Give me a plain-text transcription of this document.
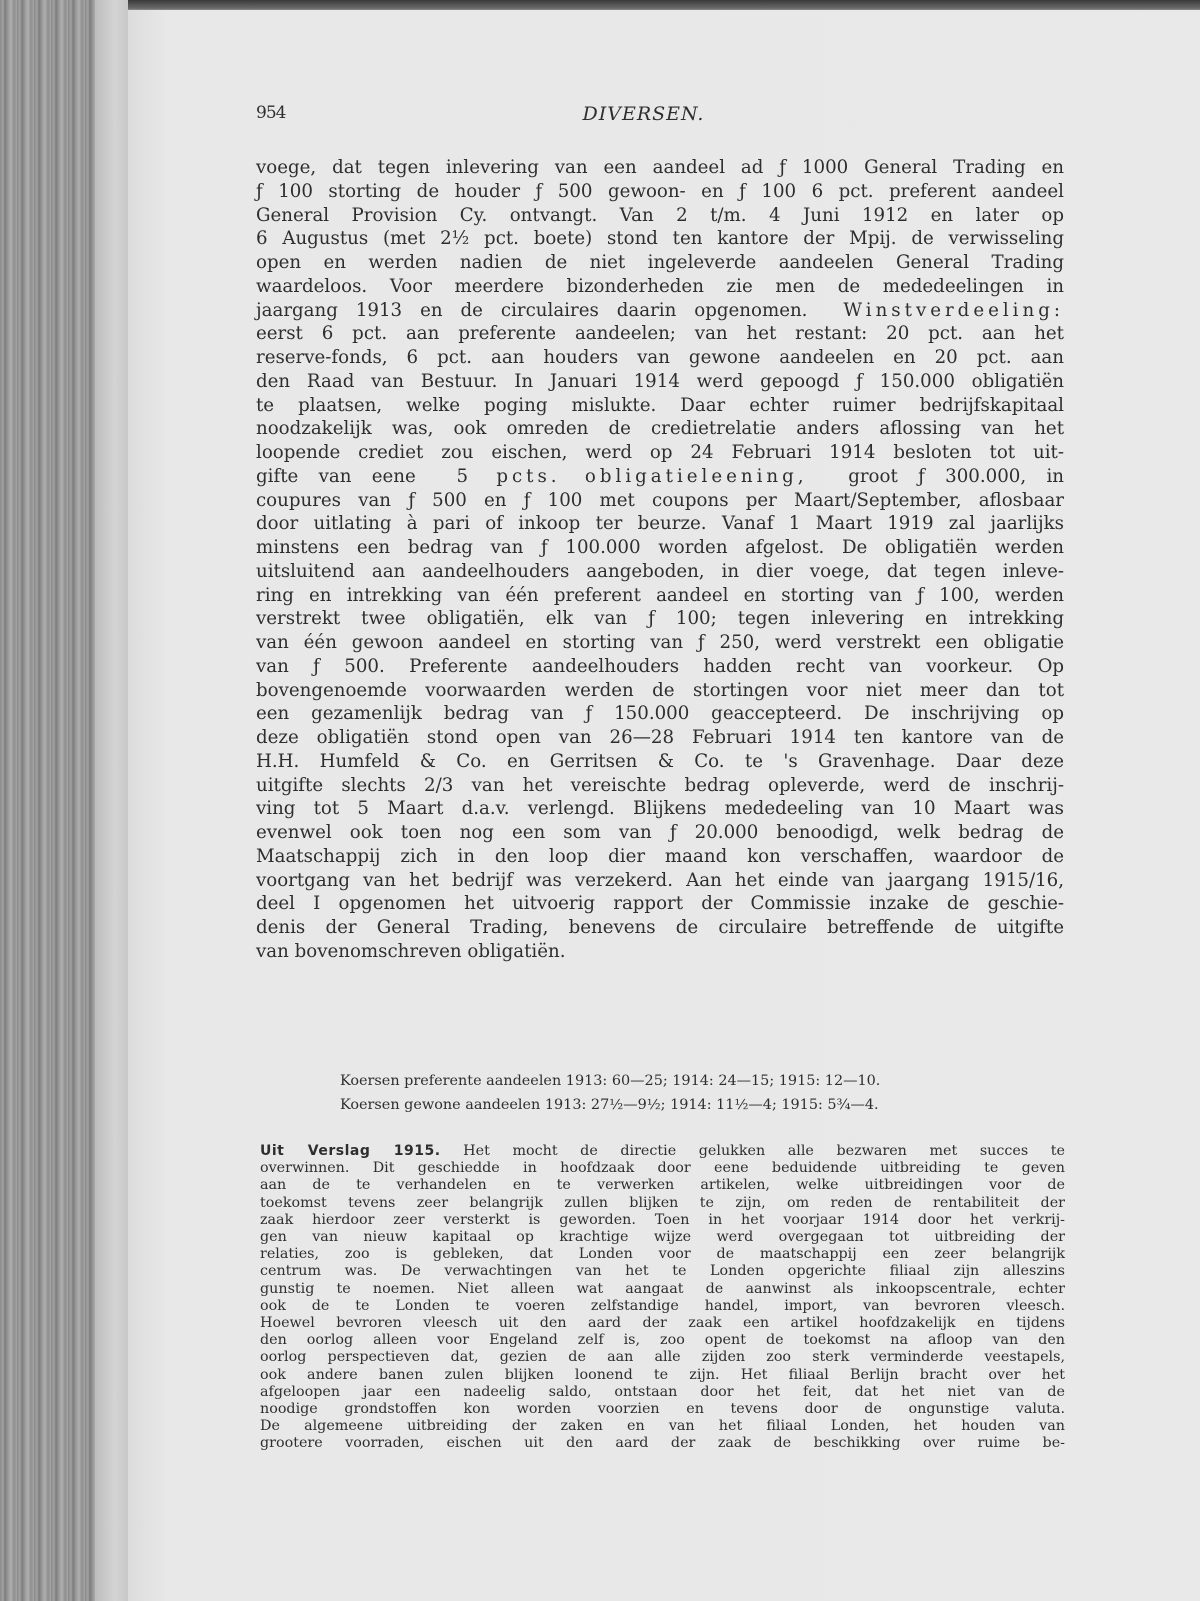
954	DIVERSEN.
voege, dat tegen inlevering van een aandeel ad ƒ 1000 General Trading en
ƒ 100 storting de houder ƒ 500 gewoon- en ƒ 100 6 pct. preferent aandeel
General Provision Cy. ontvangt. Van 2 t/m. 4 Juni 1912 en later op
6 Augustus (met 2½ pct. boete) stond ten kantore der Mpij. de verwisseling
open en werden nadien de niet ingeleverde aandeelen General Trading
waardeloos. Voor meerdere bizonderheden zie men de mededeelingen in
jaargang 1913 en de circulaires daarin opgenomen. Winstverdeeling:
eerst 6 pct. aan preferente aandeelen; van het restant: 20 pct. aan het
reserve-fonds, 6 pct. aan houders van gewone aandeelen en 20 pct. aan
den Raad van Bestuur. In Januari 1914 werd gepoogd ƒ 150.000 obligatiën
te plaatsen, welke poging mislukte. Daar echter ruimer bedrijfskapitaal
noodzakelijk was, ook omreden de credietrelatie anders aflossing van het
loopende crediet zou eischen, werd op 24 Februari 1914 besloten tot uit-
gifte van eene 5 pcts. obligatieleening, groot ƒ 300.000, in
coupures van ƒ 500 en ƒ 100 met coupons per Maart/September, aflosbaar
door uitlating à pari of inkoop ter beurze. Vanaf 1 Maart 1919 zal jaarlijks
minstens een bedrag van ƒ 100.000 worden afgelost. De obligatiën werden
uitsluitend aan aandeelhouders aangeboden, in dier voege, dat tegen inleve-
ring en intrekking van één preferent aandeel en storting van ƒ 100, werden
verstrekt twee obligatiën, elk van ƒ 100; tegen inlevering en intrekking
van één gewoon aandeel en storting van ƒ 250, werd verstrekt een obligatie
van ƒ 500. Preferente aandeelhouders hadden recht van voorkeur. Op
bovengenoemde voorwaarden werden de stortingen voor niet meer dan tot
een gezamenlijk bedrag van ƒ 150.000 geaccepteerd. De inschrijving op
deze obligatiën stond open van 26—28 Februari 1914 ten kantore van de
H.H. Humfeld & Co. en Gerritsen & Co. te 's Gravenhage. Daar deze
uitgifte slechts 2/3 van het vereischte bedrag opleverde, werd de inschrij-
ving tot 5 Maart d.a.v. verlengd. Blijkens mededeeling van 10 Maart was
evenwel ook toen nog een som van ƒ 20.000 benoodigd, welk bedrag de
Maatschappij zich in den loop dier maand kon verschaffen, waardoor de
voortgang van het bedrijf was verzekerd. Aan het einde van jaargang 1915/16,
deel I opgenomen het uitvoerig rapport der Commissie inzake de geschie-
denis der General Trading, benevens de circulaire betreffende de uitgifte
van bovenomschreven obligatiën.
Koersen preferente aandeelen 1913: 60—25; 1914: 24—15; 1915: 12—10.
Koersen gewone aandeelen 1913: 27½—9½; 1914: 11½—4; 1915: 5¾—4.
Uit Verslag 1915. Het mocht de directie gelukken alle bezwaren met succes te
overwinnen. Dit geschiedde in hoofdzaak door eene beduidende uitbreiding te geven
aan de te verhandelen en te verwerken artikelen, welke uitbreidingen voor de
toekomst tevens zeer belangrijk zullen blijken te zijn, om reden de rentabiliteit der
zaak hierdoor zeer versterkt is geworden. Toen in het voorjaar 1914 door het verkrij-
gen van nieuw kapitaal op krachtige wijze werd overgegaan tot uitbreiding der
relaties, zoo is gebleken, dat Londen voor de maatschappij een zeer belangrijk
centrum was. De verwachtingen van het te Londen opgerichte filiaal zijn alleszins
gunstig te noemen. Niet alleen wat aangaat de aanwinst als inkoopscentrale, echter
ook de te Londen te voeren zelfstandige handel, import, van bevroren vleesch.
Hoewel bevroren vleesch uit den aard der zaak een artikel hoofdzakelijk en tijdens
den oorlog alleen voor Engeland zelf is, zoo opent de toekomst na afloop van den
oorlog perspectieven dat, gezien de aan alle zijden zoo sterk verminderde veestapels,
ook andere banen zulen blijken loonend te zijn. Het filiaal Berlijn bracht over het
afgeloopen jaar een nadeelig saldo, ontstaan door het feit, dat het niet van de
noodige grondstoffen kon worden voorzien en tevens door de ongunstige valuta.
De algemeene uitbreiding der zaken en van het filiaal Londen, het houden van
grootere voorraden, eischen uit den aard der zaak de beschikking over ruime be-
